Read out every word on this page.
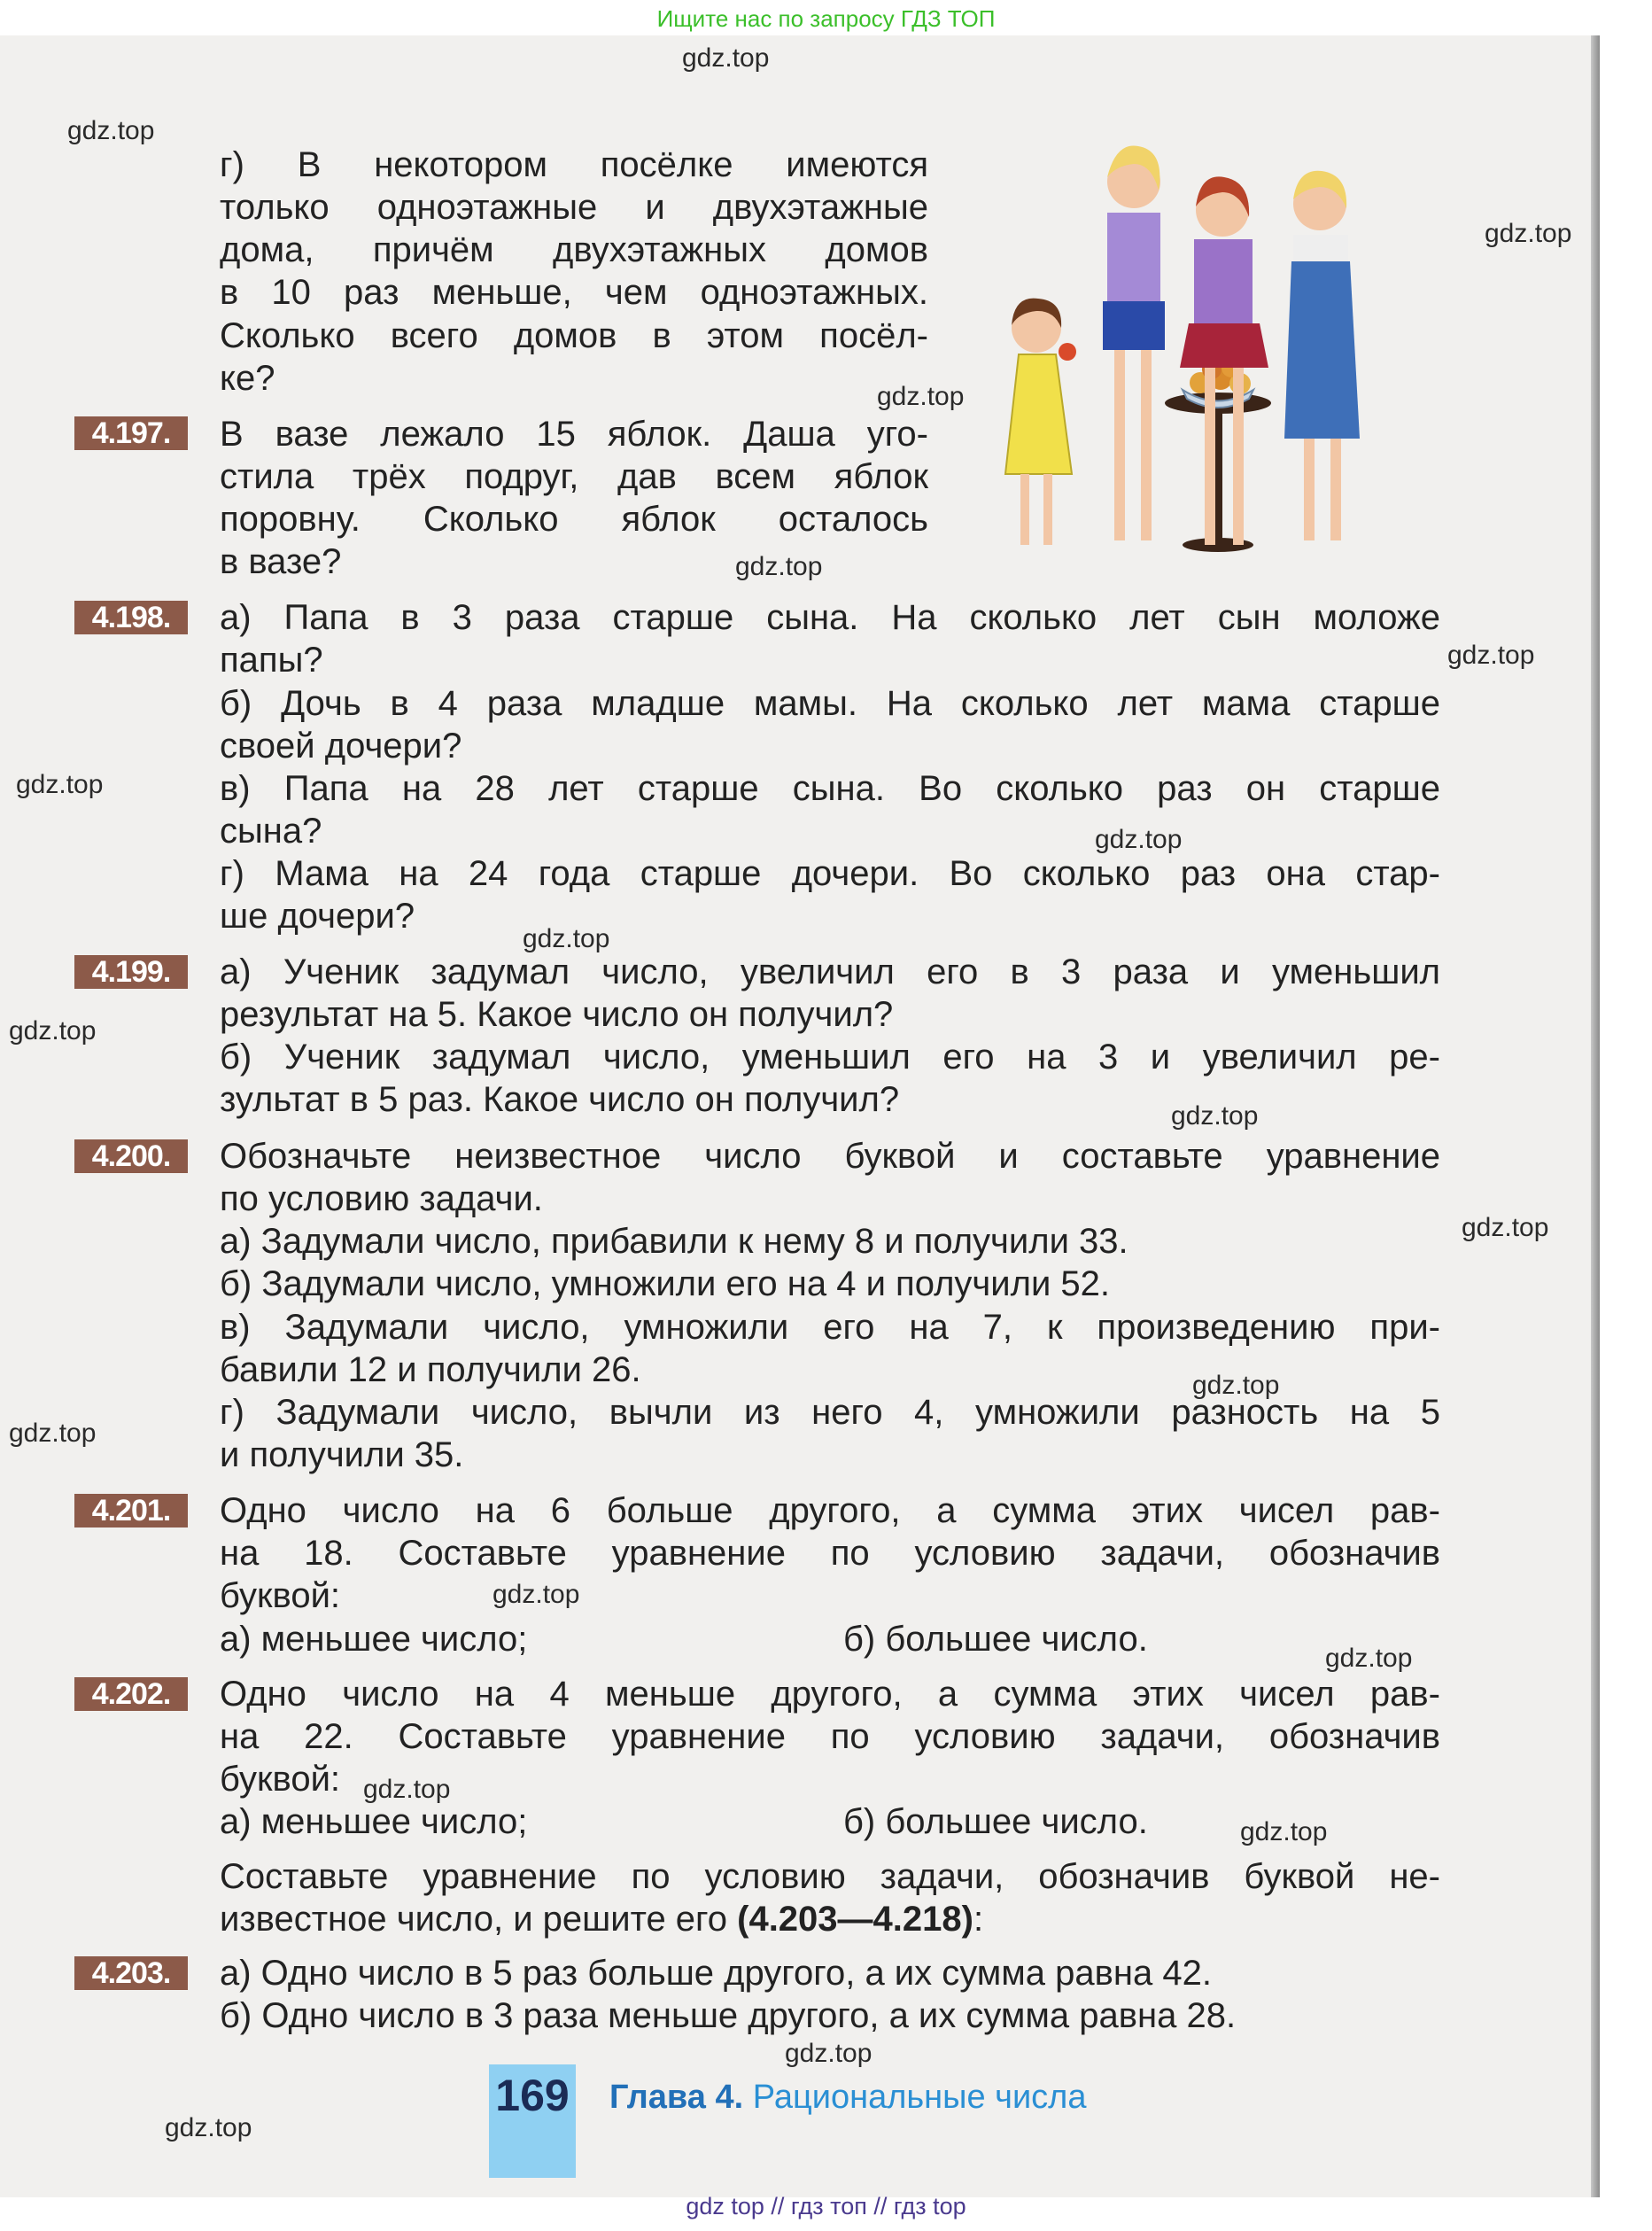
Ищите нас по запросу ГДЗ ТОП
г) В некотором посёлке имеются
только одноэтажные и двухэтажные
дома, причём двухэтажных домов
в 10 раз меньше, чем одноэтажных.
Сколько всего домов в этом посёл-
ке?
4.197.	В вазе лежало 15 яблок. Даша уго-
стила трёх подруг, дав всем яблок
поровну. Сколько яблок осталось
в вазе?
4.198.	а) Папа в 3 раза старше сына. На сколько лет сын моложе
папы?
б) Дочь в 4 раза младше мамы. На сколько лет мама старше
своей дочери?
в) Папа на 28 лет старше сына. Во сколько раз он старше
сына?
г) Мама на 24 года старше дочери. Во сколько раз она стар-
ше дочери?
4.199.	а) Ученик задумал число, увеличил его в 3 раза и уменьшил
результат на 5. Какое число он получил?
б) Ученик задумал число, уменьшил его на 3 и увеличил ре-
зультат в 5 раз. Какое число он получил?
4.200.	Обозначьте неизвестное число буквой и составьте уравнение
по условию задачи.
а) Задумали число, прибавили к нему 8 и получили 33.
б) Задумали число, умножили его на 4 и получили 52.
в) Задумали число, умножили его на 7, к произведению при-
бавили 12 и получили 26.
г) Задумали число, вычли из него 4, умножили разность на 5
и получили 35.
4.201.	Одно число на 6 больше другого, а сумма этих чисел рав-
на 18. Составьте уравнение по условию задачи, обозначив
буквой:
а) меньшее число;	б) большее число.
4.202.	Одно число на 4 меньше другого, а сумма этих чисел рав-
на 22. Составьте уравнение по условию задачи, обозначив
буквой:
а) меньшее число;	б) большее число.
Составьте уравнение по условию задачи, обозначив буквой не-
известное число, и решите его (4.203—4.218):
4.203.	а) Одно число в 5 раз больше другого, а их сумма равна 42.
б) Одно число в 3 раза меньше другого, а их сумма равна 28.
169 Глава 4. Рациональные числа
gdz.top
gdz.top
gdz.top
gdz.top
gdz.top
gdz.top
gdz.top
gdz.top
gdz.top
gdz.top
gdz.top
gdz.top
gdz.top
gdz.top
gdz.top
gdz.top
gdz.top
gdz.top
gdz.top
gdz.top
gdz top // гдз топ // гдз top
